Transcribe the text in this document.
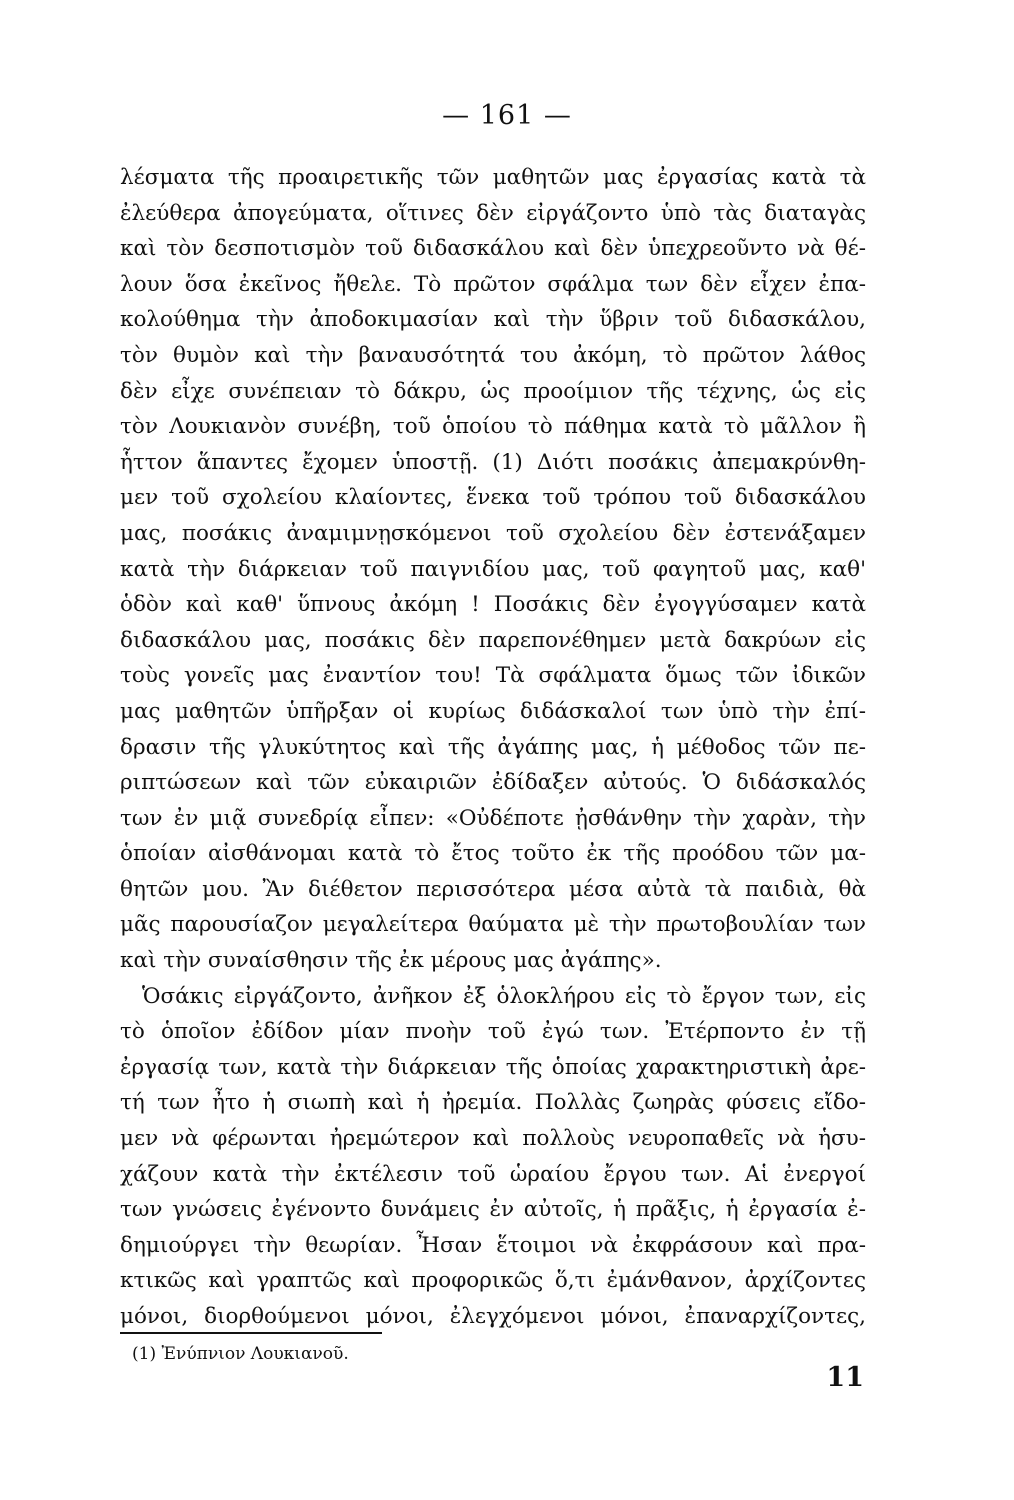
— 161 —
λέσματα τῆς προαιρετικῆς τῶν μαθητῶν μας ἐργασίας κατὰ τὰ
ἐλεύθερα ἀπογεύματα, οἵτινες δὲν εἰργάζοντο ὑπὸ τὰς διαταγὰς
καὶ τὸν δεσποτισμὸν τοῦ διδασκάλου καὶ δὲν ὑπεχρεοῦντο νὰ θέ-
λουν ὅσα ἐκεῖνος ἤθελε. Τὸ πρῶτον σφάλμα των δὲν εἶχεν ἐπα-
κολούθημα τὴν ἀποδοκιμασίαν καὶ τὴν ὕβριν τοῦ διδασκάλου,
τὸν θυμὸν καὶ τὴν βαναυσότητά του ἀκόμη, τὸ πρῶτον λάθος
δὲν εἶχε συνέπειαν τὸ δάκρυ, ὡς προοίμιον τῆς τέχνης, ὡς εἰς
τὸν Λουκιανὸν συνέβη, τοῦ ὁποίου τὸ πάθημα κατὰ τὸ μᾶλλον ἢ
ἧττον ἅπαντες ἔχομεν ὑποστῇ. (1) Διότι ποσάκις ἀπεμακρύνθη-
μεν τοῦ σχολείου κλαίοντες, ἕνεκα τοῦ τρόπου τοῦ διδασκάλου
μας, ποσάκις ἀναμιμνῃσκόμενοι τοῦ σχολείου δὲν ἐστενάξαμεν
κατὰ τὴν διάρκειαν τοῦ παιγνιδίου μας, τοῦ φαγητοῦ μας, καθ'
ὁδὸν καὶ καθ' ὕπνους ἀκόμη ! Ποσάκις δὲν ἐγογγύσαμεν κατὰ
διδασκάλου μας, ποσάκις δὲν παρεπονέθημεν μετὰ δακρύων εἰς
τοὺς γονεῖς μας ἐναντίον του! Τὰ σφάλματα ὅμως τῶν ἰδικῶν
μας μαθητῶν ὑπῆρξαν οἱ κυρίως διδάσκαλοί των ὑπὸ τὴν ἐπί-
δρασιν τῆς γλυκύτητος καὶ τῆς ἀγάπης μας, ἡ μέθοδος τῶν πε-
ριπτώσεων καὶ τῶν εὐκαιριῶν ἐδίδαξεν αὐτούς. Ὁ διδάσκαλός
των ἐν μιᾷ συνεδρίᾳ εἶπεν: «Οὐδέποτε ᾐσθάνθην τὴν χαρὰν, τὴν
ὁποίαν αἰσθάνομαι κατὰ τὸ ἔτος τοῦτο ἐκ τῆς προόδου τῶν μα-
θητῶν μου. Ἂν διέθετον περισσότερα μέσα αὐτὰ τὰ παιδιὰ, θὰ
μᾶς παρουσίαζον μεγαλείτερα θαύματα μὲ τὴν πρωτοβουλίαν των
καὶ τὴν συναίσθησιν τῆς ἐκ μέρους μας ἀγάπης».
Ὁσάκις εἰργάζοντο, ἀνῆκον ἐξ ὁλοκλήρου εἰς τὸ ἔργον των, εἰς
τὸ ὁποῖον ἐδίδον μίαν πνοὴν τοῦ ἐγώ των. Ἐτέρποντο ἐν τῇ
ἐργασίᾳ των, κατὰ τὴν διάρκειαν τῆς ὁποίας χαρακτηριστικὴ ἀρε-
τή των ἦτο ἡ σιωπὴ καὶ ἡ ἠρεμία. Πολλὰς ζωηρὰς φύσεις εἴδο-
μεν νὰ φέρωνται ἠρεμώτερον καὶ πολλοὺς νευροπαθεῖς νὰ ἡσυ-
χάζουν κατὰ τὴν ἐκτέλεσιν τοῦ ὡραίου ἔργου των. Αἱ ἐνεργοί
των γνώσεις ἐγένοντο δυνάμεις ἐν αὐτοῖς, ἡ πρᾶξις, ἡ ἐργασία ἐ-
δημιούργει τὴν θεωρίαν. Ἦσαν ἕτοιμοι νὰ ἐκφράσουν καὶ πρα-
κτικῶς καὶ γραπτῶς καὶ προφορικῶς ὅ,τι ἐμάνθανον, ἀρχίζοντες
μόνοι, διορθούμενοι μόνοι, ἐλεγχόμενοι μόνοι, ἐπαναρχίζοντες,
(1) Ἐνύπνιον Λουκιανοῦ.
11
